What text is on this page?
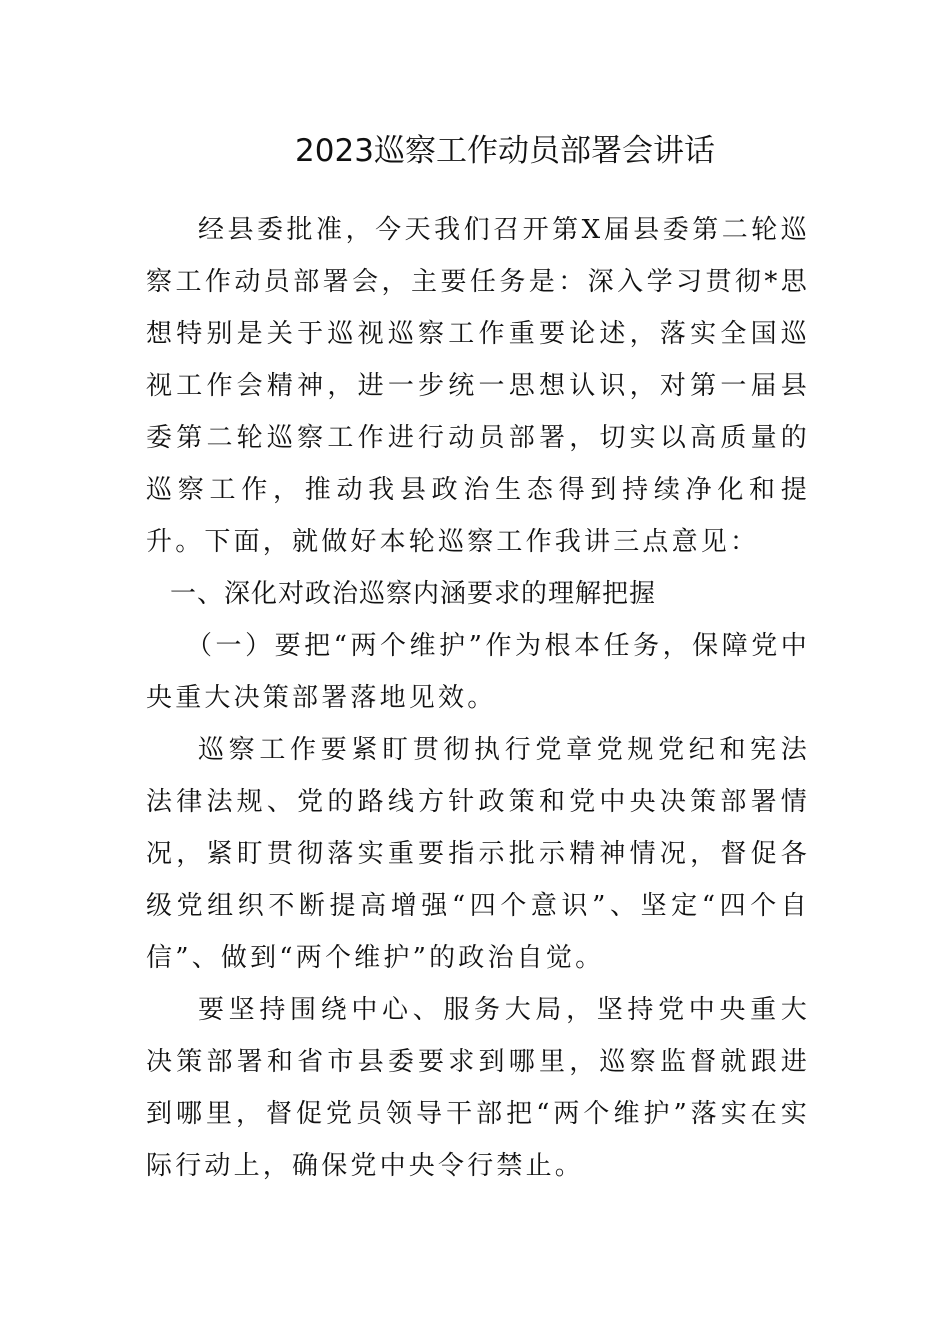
2023巡察工作动员部署会讲话

经县委批准，今天我们召开第X届县委第二轮巡察工作动员部署会，主要任务是：深入学习贯彻*思想特别是关于巡视巡察工作重要论述，落实全国巡视工作会精神，进一步统一思想认识，对第一届县委第二轮巡察工作进行动员部署，切实以高质量的巡察工作，推动我县政治生态得到持续净化和提升。下面，就做好本轮巡察工作我讲三点意见：

一、深化对政治巡察内涵要求的理解把握

（一）要把“两个维护”作为根本任务，保障党中央重大决策部署落地见效。

巡察工作要紧盯贯彻执行党章党规党纪和宪法法律法规、党的路线方针政策和党中央决策部署情况，紧盯贯彻落实重要指示批示精神情况，督促各级党组织不断提高增强“四个意识”、坚定“四个自信”、做到“两个维护”的政治自觉。

要坚持围绕中心、服务大局，坚持党中央重大决策部署和省市县委要求到哪里，巡察监督就跟进到哪里，督促党员领导干部把“两个维护”落实在实际行动上，确保党中央令行禁止。
